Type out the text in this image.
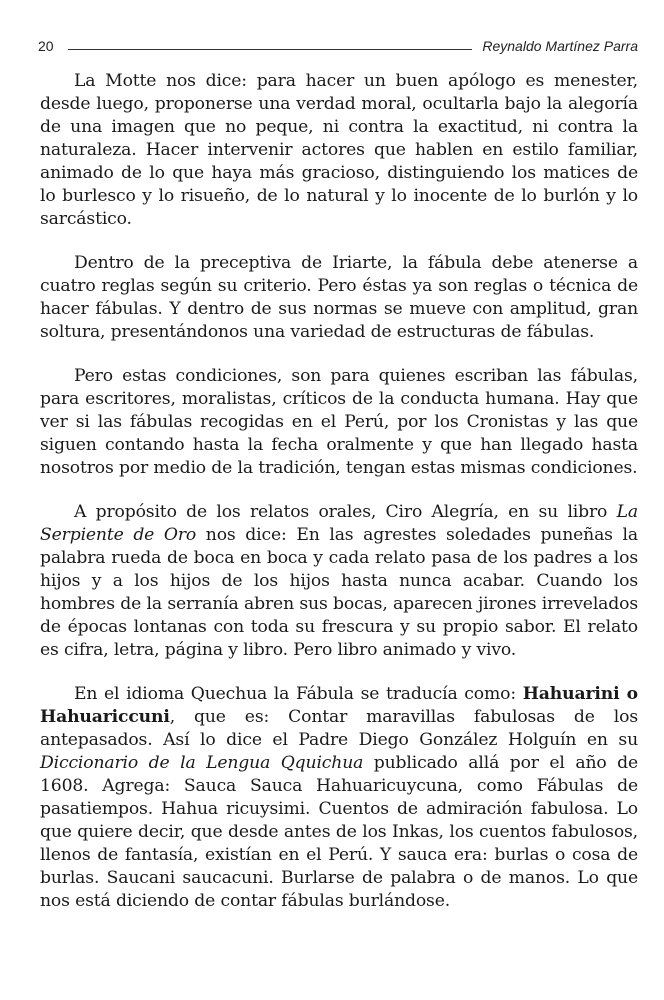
20	Reynaldo Martínez Parra

La Motte nos dice: para hacer un buen apólogo es menester, desde luego, proponerse una verdad moral, ocultarla bajo la alegoría de una imagen que no peque, ni contra la exactitud, ni contra la naturaleza. Hacer intervenir actores que hablen en estilo familiar, animado de lo que haya más gracioso, distinguiendo los matices de lo burlesco y lo risueño, de lo natural y lo inocente de lo burlón y lo sarcástico.

Dentro de la preceptiva de Iriarte, la fábula debe atenerse a cuatro reglas según su criterio. Pero éstas ya son reglas o técnica de hacer fábulas. Y dentro de sus normas se mueve con amplitud, gran soltura, presentándonos una variedad de estructuras de fábulas.

Pero estas condiciones, son para quienes escriban las fábulas, para escritores, moralistas, críticos de la conducta humana. Hay que ver si las fábulas recogidas en el Perú, por los Cronistas y las que siguen contando hasta la fecha oralmente y que han llegado hasta nosotros por medio de la tradición, tengan estas mismas condiciones.

A propósito de los relatos orales, Ciro Alegría, en su libro La Serpiente de Oro nos dice: En las agrestes soledades puneñas la palabra rueda de boca en boca y cada relato pasa de los padres a los hijos y a los hijos de los hijos hasta nunca acabar. Cuando los hombres de la serranía abren sus bocas, aparecen jirones irrevelados de épocas lontanas con toda su frescura y su propio sabor. El relato es cifra, letra, página y libro. Pero libro animado y vivo.

En el idioma Quechua la Fábula se traducía como: Hahuarini o Hahuariccuni, que es: Contar maravillas fabulosas de los antepasados. Así lo dice el Padre Diego González Holguín en su Diccionario de la Lengua Qquichua publicado allá por el año de 1608. Agrega: Sauca Sauca Hahuaricuycuna, como Fábulas de pasatiempos. Hahua ricuysimi. Cuentos de admiración fabulosa. Lo que quiere decir, que desde antes de los Inkas, los cuentos fabulosos, llenos de fantasía, existían en el Perú. Y sauca era: burlas o cosa de burlas. Saucani saucacuni. Burlarse de palabra o de manos. Lo que nos está diciendo de contar fábulas burlándose.
